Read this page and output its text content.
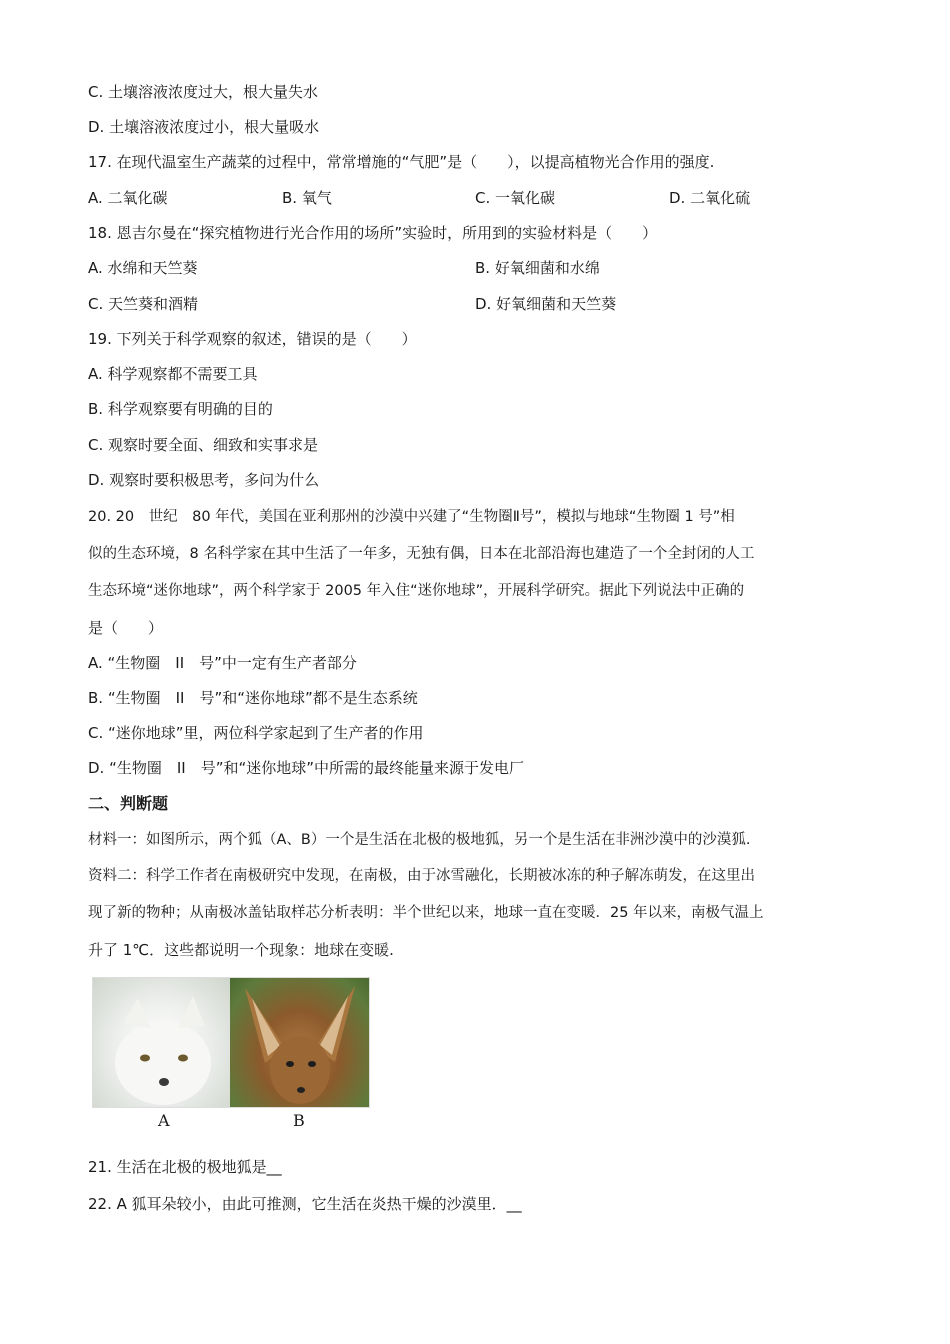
C. 土壤溶液浓度过大，根大量失水
D. 土壤溶液浓度过小，根大量吸水
17. 在现代温室生产蔬菜的过程中，常常增施的“气肥”是（　　），以提高植物光合作用的强度.
A. 二氧化碳	B. 氧气	C. 一氧化碳	D. 二氧化硫
18. 恩吉尔曼在“探究植物进行光合作用的场所”实验时，所用到的实验材料是（　　）
A. 水绵和天竺葵	B. 好氧细菌和水绵
C. 天竺葵和酒精	D. 好氧细菌和天竺葵
19. 下列关于科学观察的叙述，错误的是（　　）
A. 科学观察都不需要工具
B. 科学观察要有明确的目的
C. 观察时要全面、细致和实事求是
D. 观察时要积极思考，多问为什么
20. 20　世纪　80 年代，美国在亚利那州的沙漠中兴建了“生物圈Ⅱ号”，模拟与地球“生物圈 1 号”相
似的生态环境，8 名科学家在其中生活了一年多，无独有偶，日本在北部沿海也建造了一个全封闭的人工
生态环境“迷你地球”，两个科学家于 2005 年入住“迷你地球”，开展科学研究。据此下列说法中正确的
是（　　）
A. “生物圈　II　号”中一定有生产者部分
B. “生物圈　II　号”和“迷你地球”都不是生态系统
C. “迷你地球”里，两位科学家起到了生产者的作用
D. “生物圈　II　号”和“迷你地球”中所需的最终能量来源于发电厂
二、判断题
材料一：如图所示，两个狐（A、B）一个是生活在北极的极地狐，另一个是生活在非洲沙漠中的沙漠狐.
资料二：科学工作者在南极研究中发现，在南极，由于冰雪融化，长期被冰冻的种子解冻萌发，在这里出
现了新的物种；从南极冰盖钻取样芯分析表明：半个世纪以来，地球一直在变暖．25 年以来，南极气温上
升了 1℃．这些都说明一个现象：地球在变暖.
A	B
21. 生活在北极的极地狐是__
22. A 狐耳朵较小，由此可推测，它生活在炎热干燥的沙漠里．__
